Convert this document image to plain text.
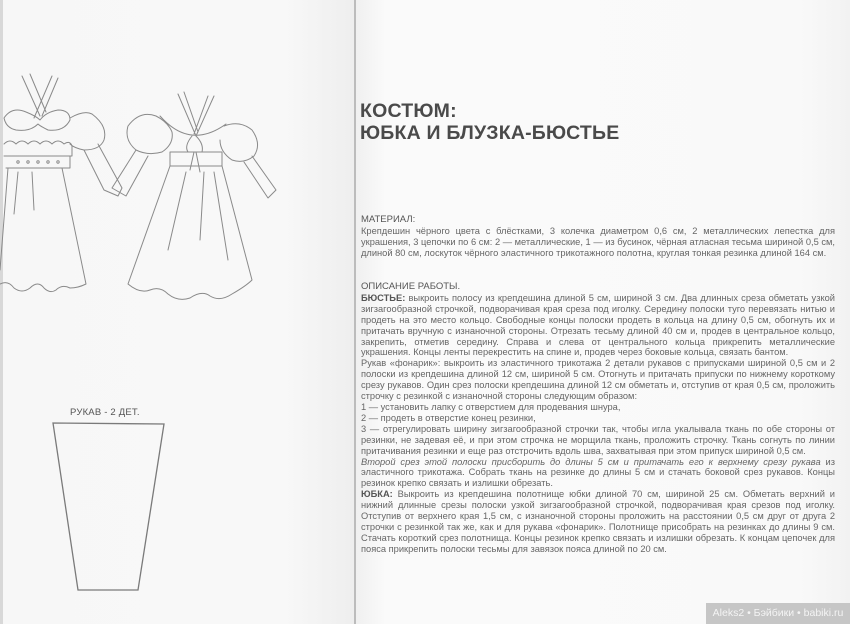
РУКАВ - 2 ДЕТ.
КОСТЮМ:
ЮБКА И БЛУЗКА-БЮСТЬЕ

МАТЕРИАЛ:

Крепдешин чёрного цвета с блёстками, 3 колечка диаметром 0,6 см, 2 металлических лепестка для украшения, 3 цепочки по 6 см: 2 — металлические, 1 — из бусинок, чёрная атласная тесьма шириной 0,5 см, длиной 80 см, лоскуток чёрного эластичного трикотажного полотна, круглая тонкая резинка длиной 164 см.

ОПИСАНИЕ РАБОТЫ.

БЮСТЬЕ: выкроить полосу из крепдешина длиной 5 см, шириной 3 см. Два длинных среза обметать узкой зигзагообразной строчкой, подворачивая края среза под иголку. Середину полоски туго перевязать нитью и продеть на это место кольцо. Свободные концы полоски продеть в кольца на длину 0,5 см, обогнуть их и притачать вручную с изнаночной стороны. Отрезать тесьму длиной 40 см и, продев в центральное кольцо, закрепить, отметив середину. Справа и слева от центрального кольца прикрепить металлические украшения. Концы ленты перекрестить на спине и, продев через боковые кольца, связать бантом.

Рукав «фонарик»: выкроить из эластичного трикотажа 2 детали рукавов с припусками шириной 0,5 см и 2 полоски из крепдешина длиной 12 см, шириной 5 см. Отогнуть и притачать припуски по нижнему короткому срезу рукавов. Один срез полоски крепдешина длиной 12 см обметать и, отступив от края 0,5 см, проложить строчку с резинкой с изнаночной стороны следующим образом:

1 — установить лапку с отверстием для продевания шнура,

2 — продеть в отверстие конец резинки,

3 — отрегулировать ширину зигзагообразной строчки так, чтобы игла укалывала ткань по обе стороны от резинки, не задевая её, и при этом строчка не морщила ткань, проложить строчку. Ткань согнуть по линии притачивания резинки и еще раз отстрочить вдоль шва, захватывая при этом припуск шириной 0,5 см.

Второй срез этой полоски присборить до длины 5 см и притачать его к верхнему срезу рукава из эластичного трикотажа. Собрать ткань на резинке до длины 5 см и стачать боковой срез рукавов. Концы резинок крепко связать и излишки обрезать.

ЮБКА: Выкроить из крепдешина полотнище юбки длиной 70 см, шириной 25 см. Обметать верхний и нижний длинные срезы полоски узкой зигзагообразной строчкой, подворачивая края срезов под иголку. Отступив от верхнего края 1,5 см, с изнаночной стороны проложить на расстоянии 0,5 см друг от друга 2 строчки с резинкой так же, как и для рукава «фонарик». Полотнище присобрать на резинках до длины 9 см. Стачать короткий срез полотнища. Концы резинок крепко связать и излишки обрезать. К концам цепочек для пояса прикрепить полоски тесьмы для завязок пояса длиной по 20 см.

Aleks2 • Бэйбики • babiki.ru
